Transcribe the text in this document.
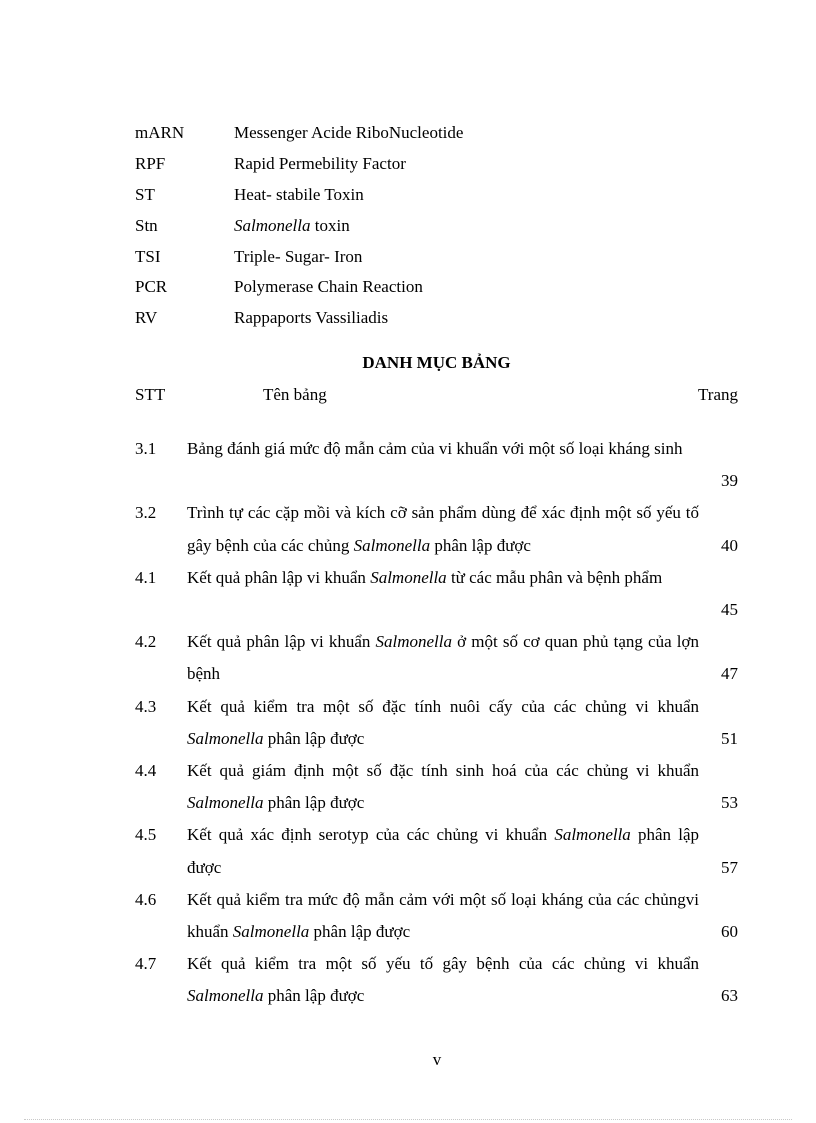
mARN	Messenger Acide RiboNucleotide
RPF	Rapid Permebility Factor
ST	Heat- stabile Toxin
Stn	Salmonella toxin
TSI	Triple- Sugar- Iron
PCR	Polymerase Chain Reaction
RV	Rappaports Vassiliadis
DANH MỤC BẢNG
STT	Tên bảng	Trang
3.1 Bảng đánh giá mức độ mẫn cảm của vi khuẩn với một số loại kháng sinh
39
3.2 Trình tự các cặp mồi và kích cỡ sản phẩm dùng để xác định một số yếu tố gây bệnh của các chủng Salmonella phân lập được	40
4.1 Kết quả phân lập vi khuẩn Salmonella từ các mẫu phân và bệnh phẩm
45
4.2 Kết quả phân lập vi khuẩn Salmonella ở một số cơ quan phủ tạng của lợn bệnh	47
4.3 Kết quả kiểm tra một số đặc tính nuôi cấy của các chủng vi khuẩn Salmonella phân lập được	51
4.4 Kết quả giám định một số đặc tính sinh hoá của các chủng vi khuẩn Salmonella phân lập được	53
4.5 Kết quả xác định serotyp của các chủng vi khuẩn Salmonella phân lập được	57
4.6 Kết quả kiểm tra mức độ mẫn cảm với một số loại kháng của các chủngvi khuẩn Salmonella phân lập được	60
4.7 Kết quả kiểm tra một số yếu tố gây bệnh của các chủng vi khuẩn Salmonella phân lập được	63
v
